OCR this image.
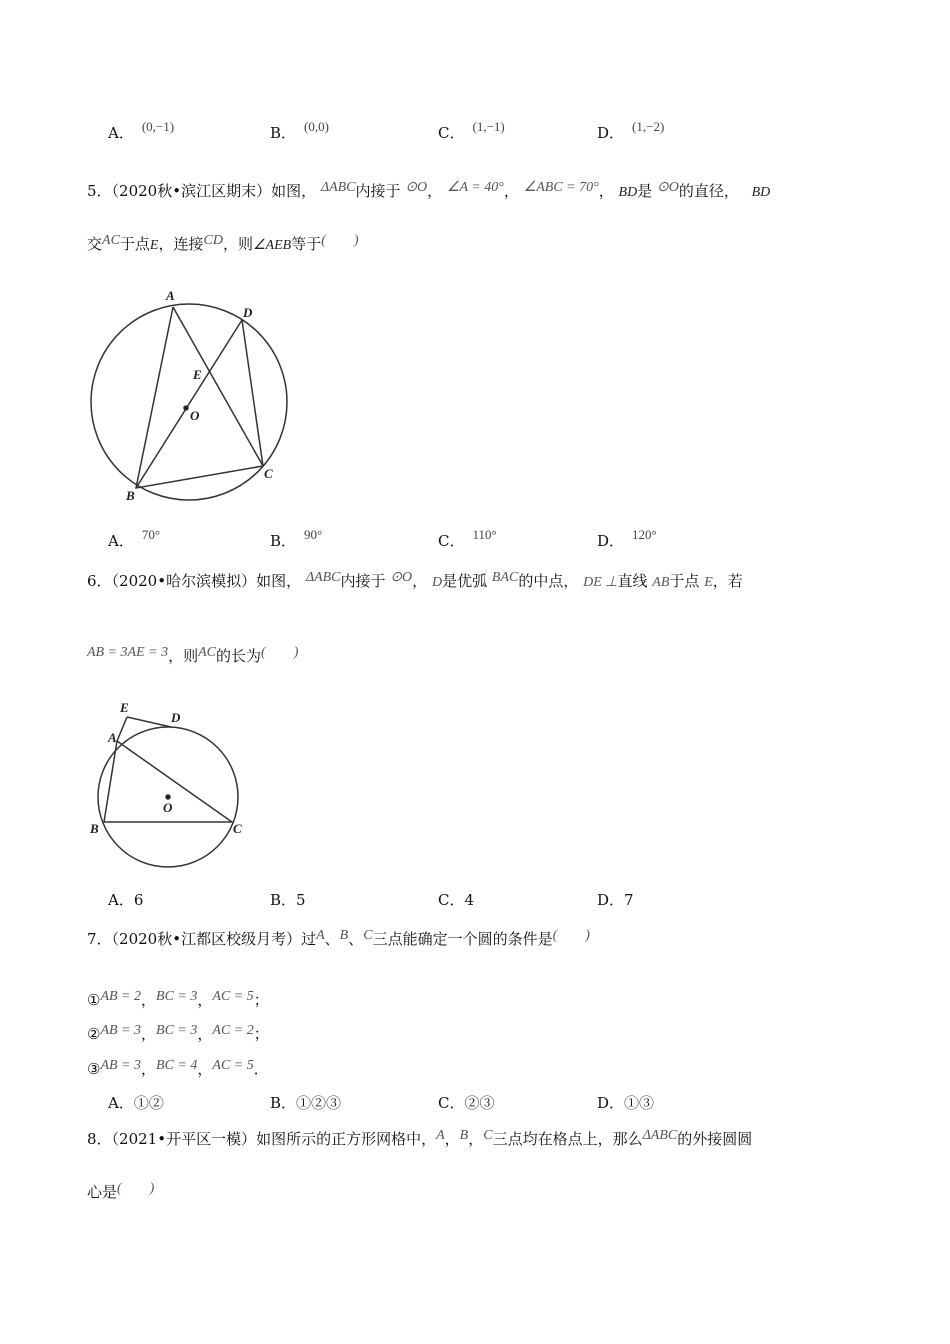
A． (0,−1)	B． (0,0)	C． (1,−1)	D． (1,−2)
5．（2020秋•滨江区期末）如图， ΔABC内接于 ⊙O， ∠A = 40°， ∠ABC = 70°， BD是 ⊙O的直径， BD
交AC于点E，连接CD，则∠AEB等于(　　)
A
D
E
O
B
C
E
D
A
O
B	C
A． 70°	B． 90°	C． 110°	D． 120°
6．（2020•哈尔滨模拟）如图， ΔABC内接于 ⊙O， D是优弧 BAC的中点， DE ⊥直线 AB于点 E，若
AB = 3AE = 3，则AC的长为(　　)
A．6	B．5	C．4	D．7
7．（2020秋•江都区校级月考）过A、B、C三点能确定一个圆的条件是(　　)
①AB = 2，BC = 3，AC = 5；
②AB = 3，BC = 3，AC = 2；
③AB = 3，BC = 4，AC = 5．
A．①②	B．①②③	C．②③	D．①③
8．（2021•开平区一模）如图所示的正方形网格中，A，B，C三点均在格点上，那么ΔABC的外接圆圆
心是(　　)
